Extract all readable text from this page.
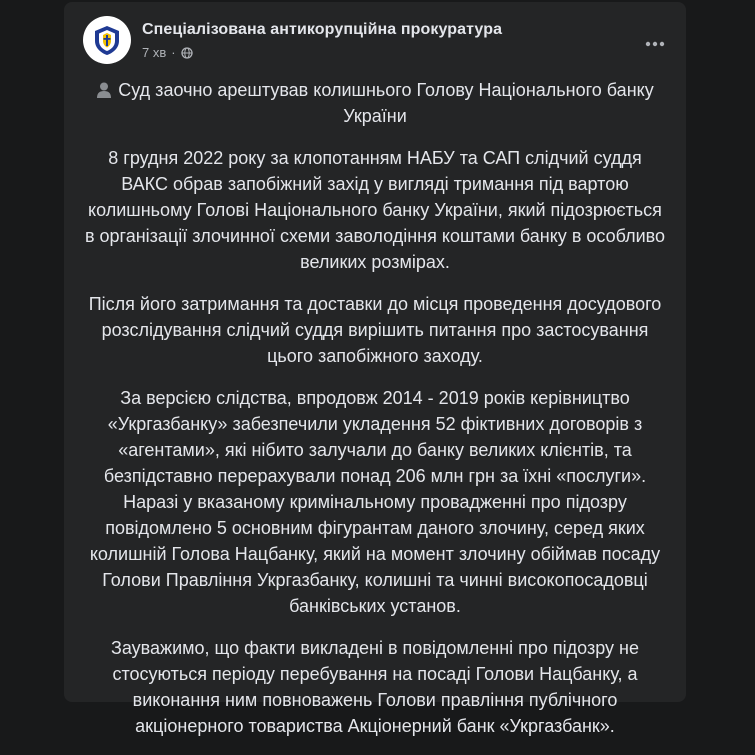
Спеціалізована антикорупційна прокуратура
7 хв ·

Суд заочно арештував колишнього Голову Національного банку України

8 грудня 2022 року за клопотанням НАБУ та САП слідчий суддя ВАКС обрав запобіжний захід у вигляді тримання під вартою колишньому Голові Національного банку України, який підозрюється в організації злочинної схеми заволодіння коштами банку в особливо великих розмірах.

Після його затримання та доставки до місця проведення досудового розслідування слідчий суддя вирішить питання про застосування цього запобіжного заходу.

За версією слідства, впродовж 2014 - 2019 років керівництво «Укргазбанку» забезпечили укладення 52 фіктивних договорів з «агентами», які нібито залучали до банку великих клієнтів, та безпідставно перерахували понад 206 млн грн за їхні «послуги». Наразі у вказаному кримінальному провадженні про підозру повідомлено 5 основним фігурантам даного злочину, серед яких колишній Голова Нацбанку, який на момент злочину обіймав посаду Голови Правління Укргазбанку, колишні та чинні високопосадовці банківських установ.

Зауважимо, що факти викладені в повідомленні про підозру не стосуються періоду перебування на посаді Голови Нацбанку, а виконання ним повноважень Голови правління публічного акціонерного товариства Акціонерний банк «Укргазбанк».
